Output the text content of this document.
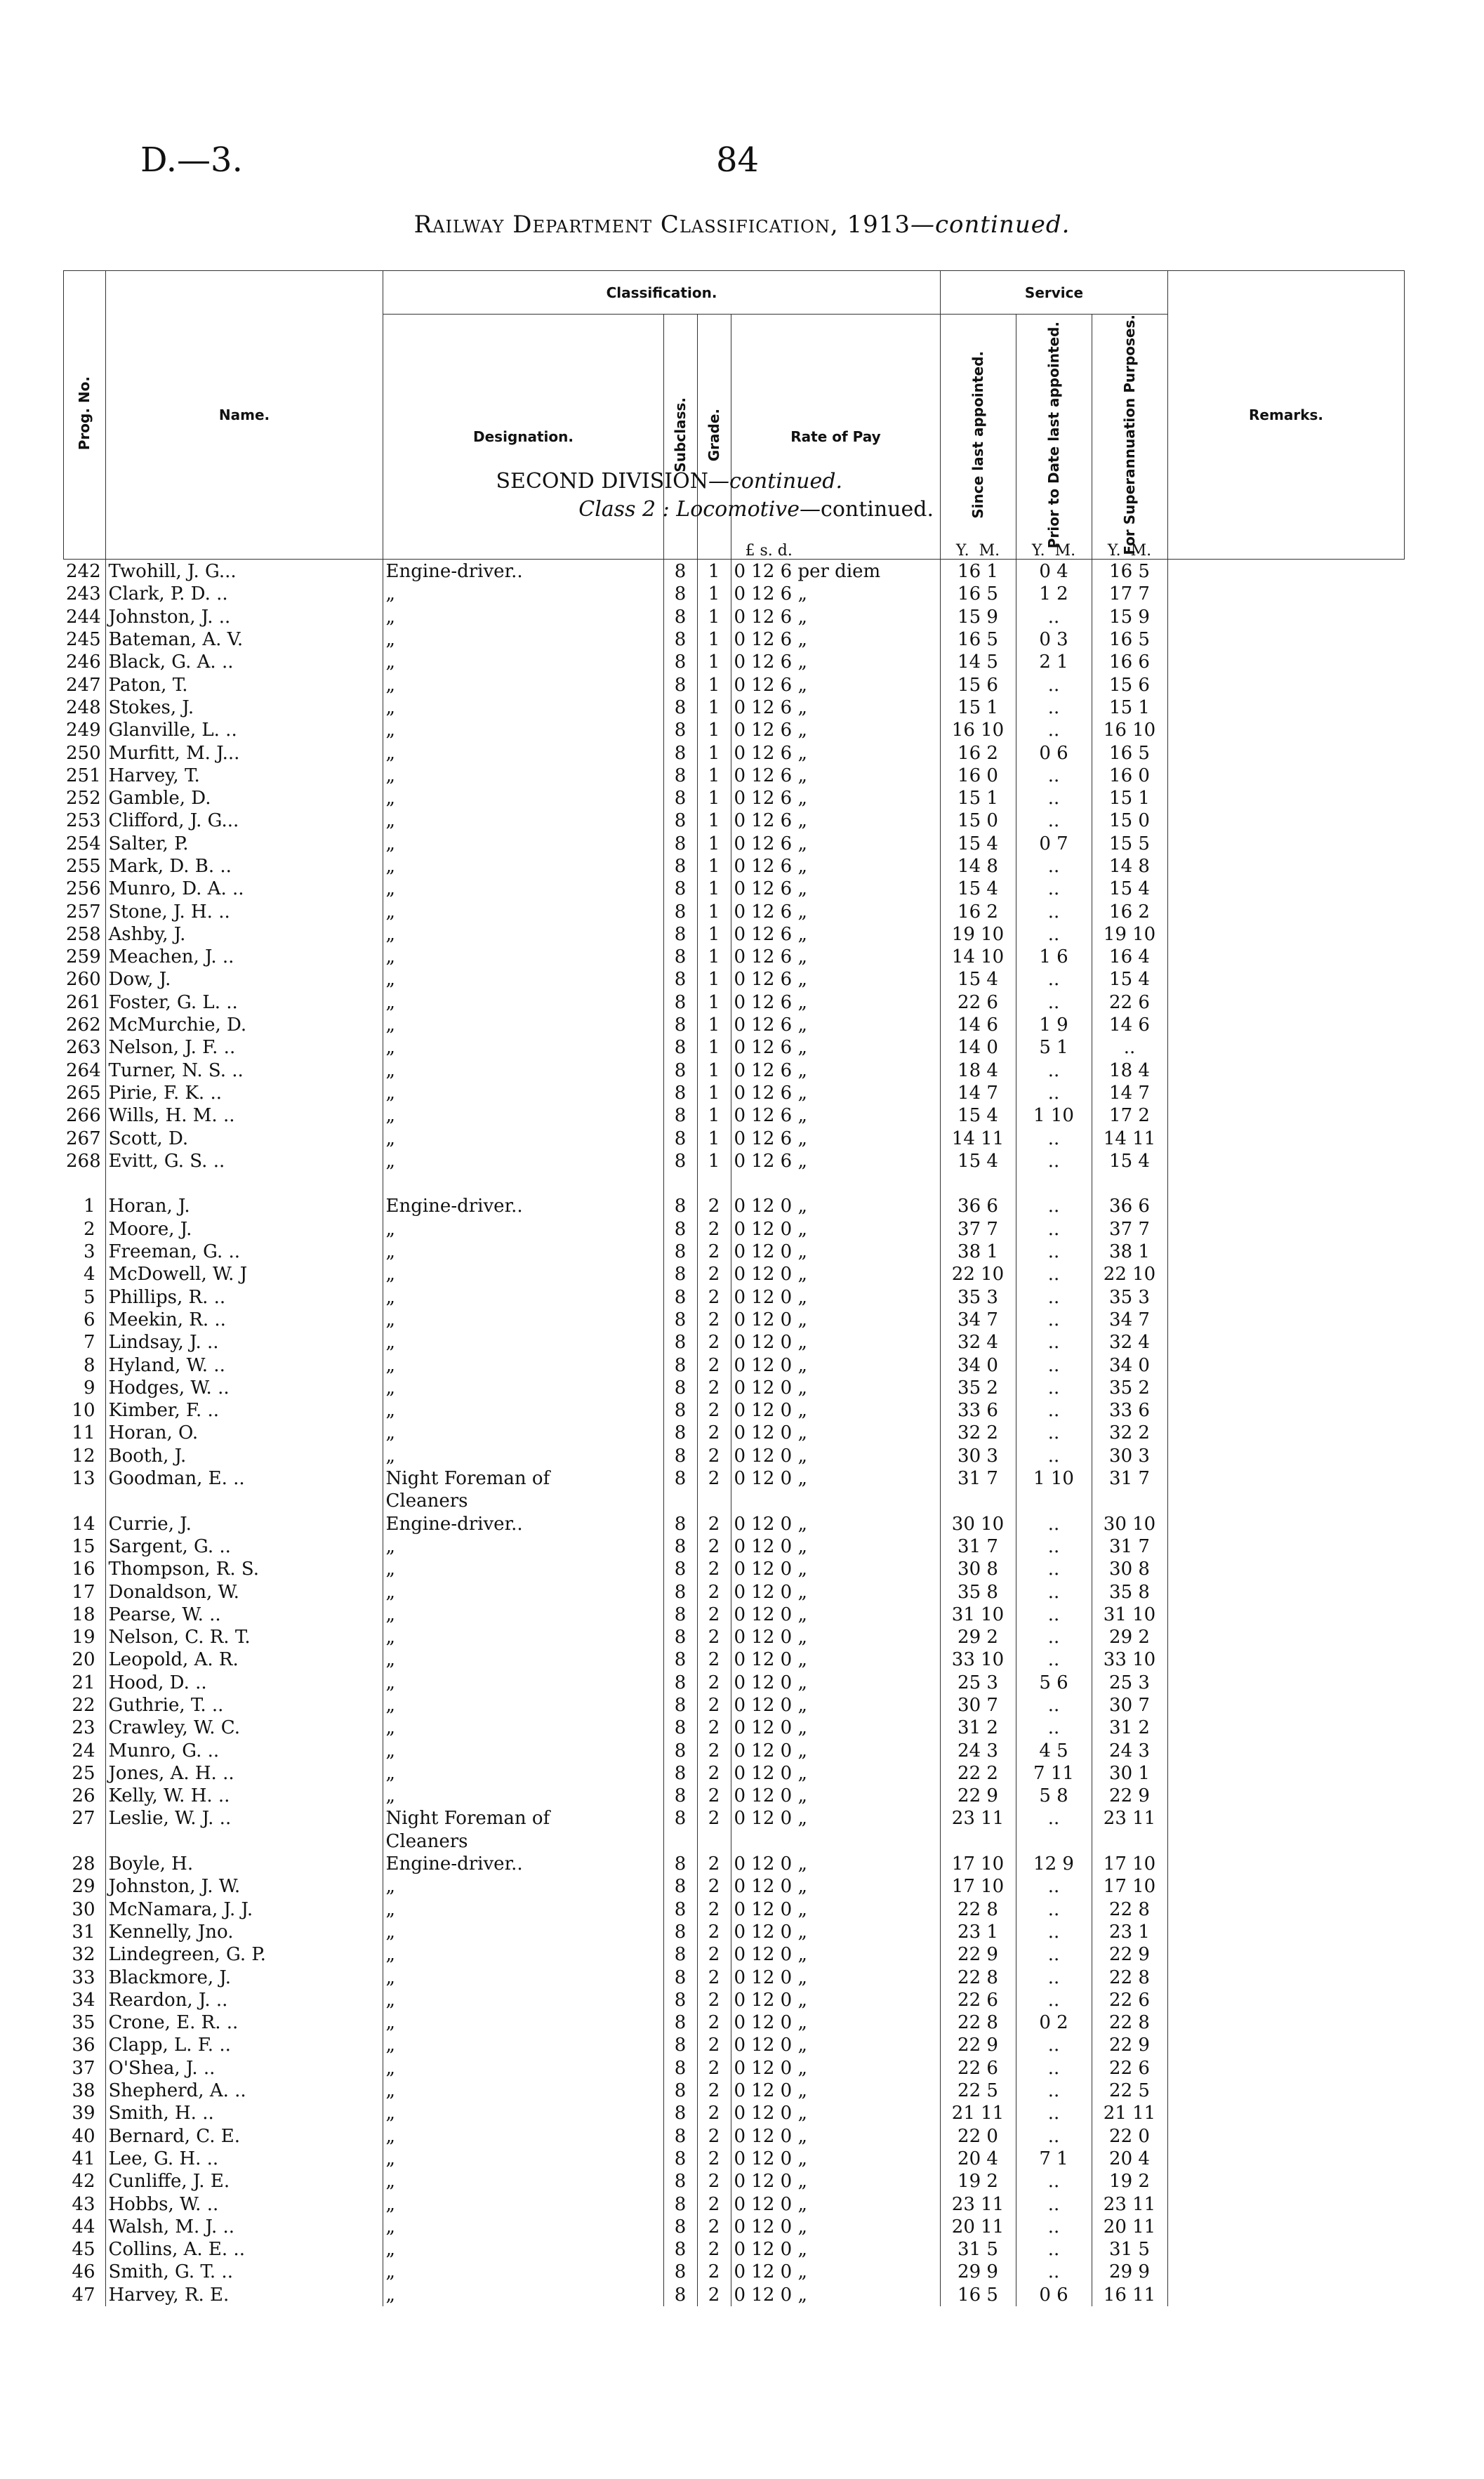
D.—3.	84
Railway Department Classification, 1913—continued.
Prog. No.	Name.	Classification.				Service			Remarks.
		Designation.	Subclass.	Grade.	Rate of Pay	Since last appointed.	Prior to Date last appointed.	For Superannuation Purposes.	
SECOND DIVISION—continued.
Class 2 : Locomotive—continued.
					£ s. d.	Y. M.	Y. M.	Y. M.	
242	Twohill, J. G...	Engine-driver..	8	1	0 12 6 per diem	16 1	0 4	16 5	
243	Clark, P. D. ..	„	8	1	0 12 6 „	16 5	1 2	17 7	
244	Johnston, J. ..	„	8	1	0 12 6 „	15 9	..	15 9	
245	Bateman, A. V.	„	8	1	0 12 6 „	16 5	0 3	16 5	
246	Black, G. A. ..	„	8	1	0 12 6 „	14 5	2 1	16 6	
247	Paton, T.	„	8	1	0 12 6 „	15 6	..	15 6	
248	Stokes, J.	„	8	1	0 12 6 „	15 1	..	15 1	
249	Glanville, L. ..	„	8	1	0 12 6 „	16 10	..	16 10	
250	Murfitt, M. J...	„	8	1	0 12 6 „	16 2	0 6	16 5	
251	Harvey, T.	„	8	1	0 12 6 „	16 0	..	16 0	
252	Gamble, D.	„	8	1	0 12 6 „	15 1	..	15 1	
253	Clifford, J. G...	„	8	1	0 12 6 „	15 0	..	15 0	
254	Salter, P.	„	8	1	0 12 6 „	15 4	0 7	15 5	
255	Mark, D. B. ..	„	8	1	0 12 6 „	14 8	..	14 8	
256	Munro, D. A. ..	„	8	1	0 12 6 „	15 4	..	15 4	
257	Stone, J. H. ..	„	8	1	0 12 6 „	16 2	..	16 2	
258	Ashby, J.	„	8	1	0 12 6 „	19 10	..	19 10	
259	Meachen, J. ..	„	8	1	0 12 6 „	14 10	1 6	16 4	
260	Dow, J.	„	8	1	0 12 6 „	15 4	..	15 4	
261	Foster, G. L. ..	„	8	1	0 12 6 „	22 6	..	22 6	
262	McMurchie, D.	„	8	1	0 12 6 „	14 6	1 9	14 6	
263	Nelson, J. F. ..	„	8	1	0 12 6 „	14 0	5 1	..	
264	Turner, N. S. ..	„	8	1	0 12 6 „	18 4	..	18 4	
265	Pirie, F. K. ..	„	8	1	0 12 6 „	14 7	..	14 7	
266	Wills, H. M. ..	„	8	1	0 12 6 „	15 4	1 10	17 2	
267	Scott, D.	„	8	1	0 12 6 „	14 11	..	14 11	
268	Evitt, G. S. ..	„	8	1	0 12 6 „	15 4	..	15 4	

1	Horan, J.	Engine-driver..	8	2	0 12 0 „	36 6	..	36 6	
2	Moore, J.	„	8	2	0 12 0 „	37 7	..	37 7	
3	Freeman, G. ..	„	8	2	0 12 0 „	38 1	..	38 1	
4	McDowell, W. J	„	8	2	0 12 0 „	22 10	..	22 10	
5	Phillips, R. ..	„	8	2	0 12 0 „	35 3	..	35 3	
6	Meekin, R. ..	„	8	2	0 12 0 „	34 7	..	34 7	
7	Lindsay, J. ..	„	8	2	0 12 0 „	32 4	..	32 4	
8	Hyland, W. ..	„	8	2	0 12 0 „	34 0	..	34 0	
9	Hodges, W. ..	„	8	2	0 12 0 „	35 2	..	35 2	
10	Kimber, F. ..	„	8	2	0 12 0 „	33 6	..	33 6	
11	Horan, O.	„	8	2	0 12 0 „	32 2	..	32 2	
12	Booth, J.	„	8	2	0 12 0 „	30 3	..	30 3	
13	Goodman, E. ..	Night Foreman of	8	2	0 12 0 „	31 7	1 10	31 7	
		Cleaners							
14	Currie, J.	Engine-driver..	8	2	0 12 0 „	30 10	..	30 10	
15	Sargent, G. ..	„	8	2	0 12 0 „	31 7	..	31 7	
16	Thompson, R. S.	„	8	2	0 12 0 „	30 8	..	30 8	
17	Donaldson, W.	„	8	2	0 12 0 „	35 8	..	35 8	
18	Pearse, W. ..	„	8	2	0 12 0 „	31 10	..	31 10	
19	Nelson, C. R. T.	„	8	2	0 12 0 „	29 2	..	29 2	
20	Leopold, A. R.	„	8	2	0 12 0 „	33 10	..	33 10	
21	Hood, D. ..	„	8	2	0 12 0 „	25 3	5 6	25 3	
22	Guthrie, T. ..	„	8	2	0 12 0 „	30 7	..	30 7	
23	Crawley, W. C.	„	8	2	0 12 0 „	31 2	..	31 2	
24	Munro, G. ..	„	8	2	0 12 0 „	24 3	4 5	24 3	
25	Jones, A. H. ..	„	8	2	0 12 0 „	22 2	7 11	30 1	
26	Kelly, W. H. ..	„	8	2	0 12 0 „	22 9	5 8	22 9	
27	Leslie, W. J. ..	Night Foreman of	8	2	0 12 0 „	23 11	..	23 11	
		Cleaners							
28	Boyle, H.	Engine-driver..	8	2	0 12 0 „	17 10	12 9	17 10	
29	Johnston, J. W.	„	8	2	0 12 0 „	17 10	..	17 10	
30	McNamara, J. J.	„	8	2	0 12 0 „	22 8	..	22 8	
31	Kennelly, Jno.	„	8	2	0 12 0 „	23 1	..	23 1	
32	Lindegreen, G. P.	„	8	2	0 12 0 „	22 9	..	22 9	
33	Blackmore, J.	„	8	2	0 12 0 „	22 8	..	22 8	
34	Reardon, J. ..	„	8	2	0 12 0 „	22 6	..	22 6	
35	Crone, E. R. ..	„	8	2	0 12 0 „	22 8	0 2	22 8	
36	Clapp, L. F. ..	„	8	2	0 12 0 „	22 9	..	22 9	
37	O'Shea, J. ..	„	8	2	0 12 0 „	22 6	..	22 6	
38	Shepherd, A. ..	„	8	2	0 12 0 „	22 5	..	22 5	
39	Smith, H. ..	„	8	2	0 12 0 „	21 11	..	21 11	
40	Bernard, C. E.	„	8	2	0 12 0 „	22 0	..	22 0	
41	Lee, G. H. ..	„	8	2	0 12 0 „	20 4	7 1	20 4	
42	Cunliffe, J. E.	„	8	2	0 12 0 „	19 2	..	19 2	
43	Hobbs, W. ..	„	8	2	0 12 0 „	23 11	..	23 11	
44	Walsh, M. J. ..	„	8	2	0 12 0 „	20 11	..	20 11	
45	Collins, A. E. ..	„	8	2	0 12 0 „	31 5	..	31 5	
46	Smith, G. T. ..	„	8	2	0 12 0 „	29 9	..	29 9	
47	Harvey, R. E.	„	8	2	0 12 0 „	16 5	0 6	16 11	
